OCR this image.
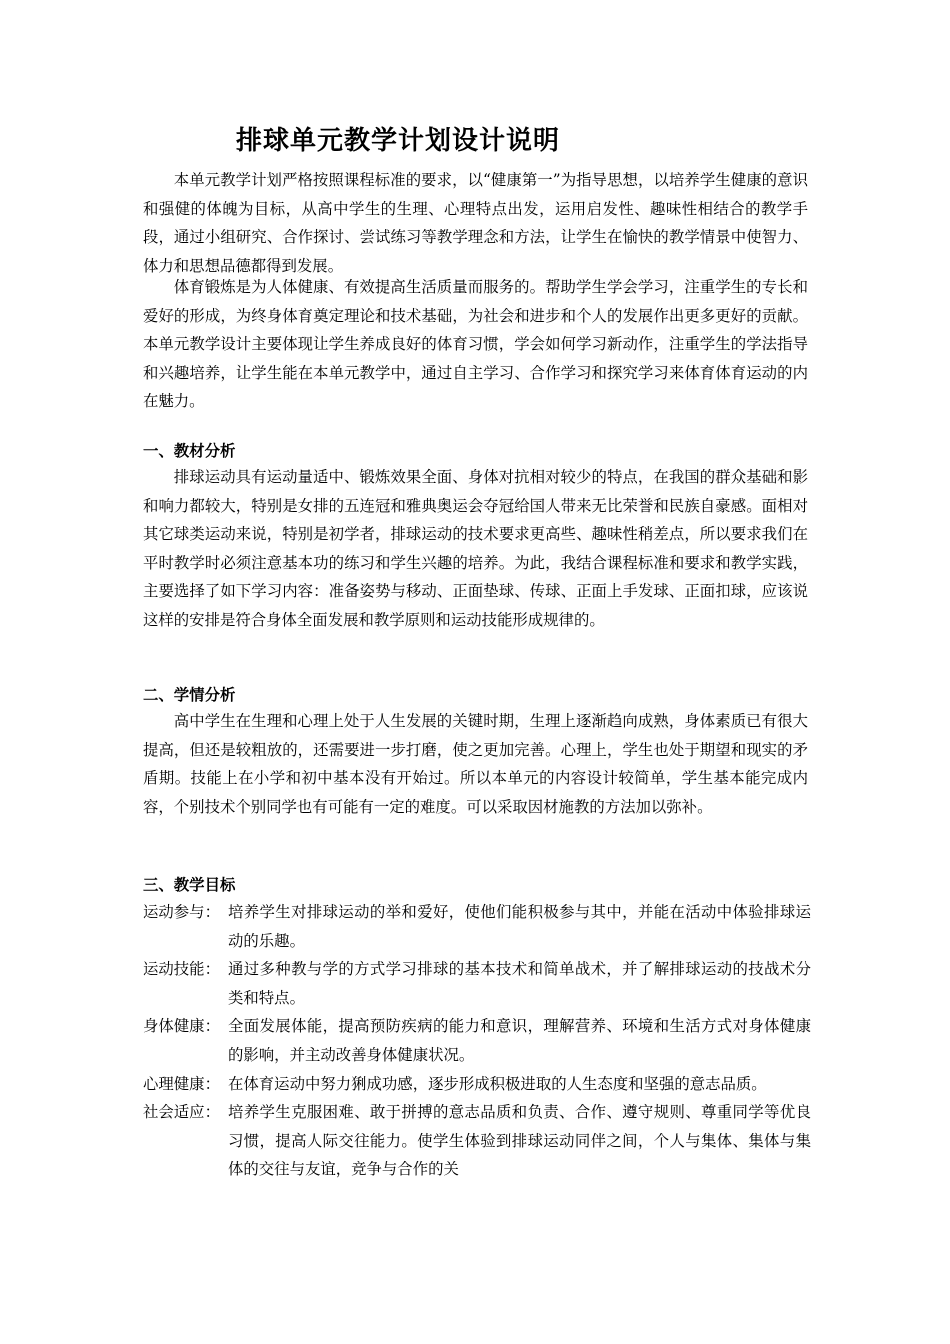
排球单元教学计划设计说明

本单元教学计划严格按照课程标准的要求，以“健康第一”为指导思想，以培养学生健康的意识和强健的体魄为目标，从高中学生的生理、心理特点出发，运用启发性、趣味性相结合的教学手段，通过小组研究、合作探讨、尝试练习等教学理念和方法，让学生在愉快的教学情景中使智力、体力和思想品德都得到发展。

体育锻炼是为人体健康、有效提高生活质量而服务的。帮助学生学会学习，注重学生的专长和爱好的形成，为终身体育奠定理论和技术基础，为社会和进步和个人的发展作出更多更好的贡献。本单元教学设计主要体现让学生养成良好的体育习惯，学会如何学习新动作，注重学生的学法指导和兴趣培养，让学生能在本单元教学中，通过自主学习、合作学习和探究学习来体育体育运动的内在魅力。

一、教材分析

排球运动具有运动量适中、锻炼效果全面、身体对抗相对较少的特点，在我国的群众基础和影和响力都较大，特别是女排的五连冠和雅典奥运会夺冠给国人带来无比荣誉和民族自豪感。面相对其它球类运动来说，特别是初学者，排球运动的技术要求更高些、趣味性稍差点，所以要求我们在平时教学时必须注意基本功的练习和学生兴趣的培养。为此，我结合课程标准和要求和教学实践，主要选择了如下学习内容：准备姿势与移动、正面垫球、传球、正面上手发球、正面扣球，应该说这样的安排是符合身体全面发展和教学原则和运动技能形成规律的。

二、学情分析

高中学生在生理和心理上处于人生发展的关键时期，生理上逐渐趋向成熟，身体素质已有很大提高，但还是较粗放的，还需要进一步打磨，使之更加完善。心理上，学生也处于期望和现实的矛盾期。技能上在小学和初中基本没有开始过。所以本单元的内容设计较简单，学生基本能完成内容，个别技术个别同学也有可能有一定的难度。可以采取因材施教的方法加以弥补。

三、教学目标
运动参与： 培养学生对排球运动的举和爱好，使他们能积极参与其中，并能在活动中体验排球运动的乐趣。
运动技能： 通过多种教与学的方式学习排球的基本技术和简单战术，并了解排球运动的技战术分类和特点。
身体健康： 全面发展体能，提高预防疾病的能力和意识，理解营养、环境和生活方式对身体健康的影响，并主动改善身体健康状况。
心理健康： 在体育运动中努力猁成功感，逐步形成积极进取的人生态度和坚强的意志品质。
社会适应： 培养学生克服困难、敢于拼搏的意志品质和负责、合作、遵守规则、尊重同学等优良习惯，提高人际交往能力。使学生体验到排球运动同伴之间，个人与集体、集体与集体的交往与友谊，竞争与合作的关
